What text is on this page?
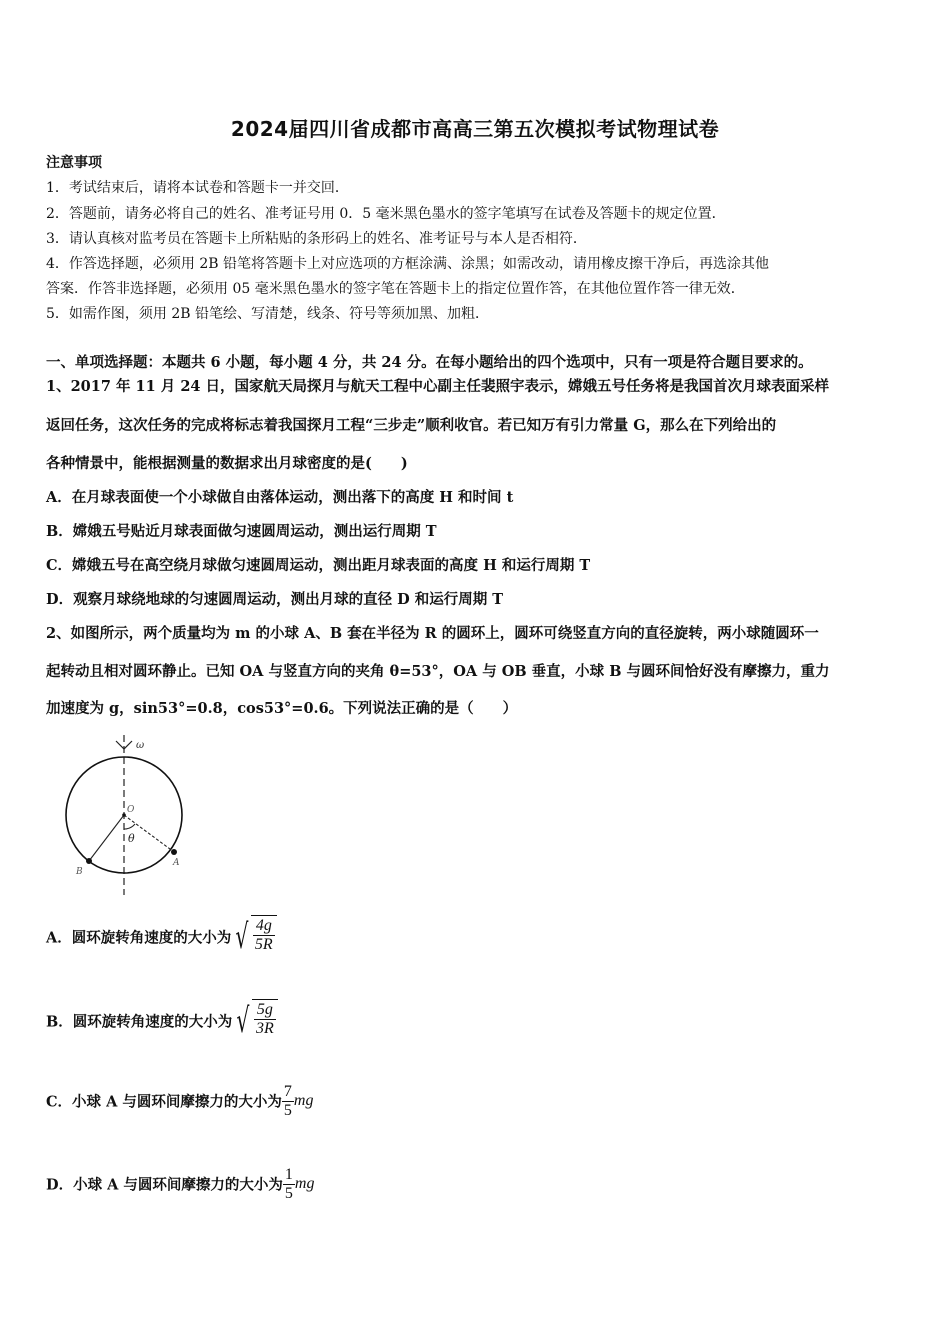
2024届四川省成都市高高三第五次模拟考试物理试卷
注意事项
1．考试结束后，请将本试卷和答题卡一并交回．
2．答题前，请务必将自己的姓名、准考证号用 0．5 毫米黑色墨水的签字笔填写在试卷及答题卡的规定位置．
3．请认真核对监考员在答题卡上所粘贴的条形码上的姓名、准考证号与本人是否相符．
4．作答选择题，必须用 2B 铅笔将答题卡上对应选项的方框涂满、涂黑；如需改动，请用橡皮擦干净后，再选涂其他
答案．作答非选择题，必须用 05 毫米黑色墨水的签字笔在答题卡上的指定位置作答，在其他位置作答一律无效．
5．如需作图，须用 2B 铅笔绘、写清楚，线条、符号等须加黑、加粗．
一、单项选择题：本题共 6 小题，每小题 4 分，共 24 分。在每小题给出的四个选项中，只有一项是符合题目要求的。
1、2017 年 11 月 24 日，国家航天局探月与航天工程中心副主任裴照宇表示，嫦娥五号任务将是我国首次月球表面采样
返回任务，这次任务的完成将标志着我国探月工程“三步走”顺利收官。若已知万有引力常量 G，那么在下列给出的
各种情景中，能根据测量的数据求出月球密度的是(　　)
A．在月球表面使一个小球做自由落体运动，测出落下的高度 H 和时间 t
B．嫦娥五号贴近月球表面做匀速圆周运动，测出运行周期 T
C．嫦娥五号在高空绕月球做匀速圆周运动，测出距月球表面的高度 H 和运行周期 T
D．观察月球绕地球的匀速圆周运动，测出月球的直径 D 和运行周期 T
2、如图所示，两个质量均为 m 的小球 A、B 套在半径为 R 的圆环上，圆环可绕竖直方向的直径旋转，两小球随圆环一
起转动且相对圆环静止。已知 OA 与竖直方向的夹角 θ=53°，OA 与 OB 垂直，小球 B 与圆环间恰好没有摩擦力，重力
加速度为 g，sin53°=0.8，cos53°=0.6。下列说法正确的是（　　）
ω
O
θ
A
B
A．圆环旋转角速度的大小为 √ $\frac{4g}{5R}$
B．圆环旋转角速度的大小为 √ $\frac{5g}{3R}$
C．小球 A 与圆环间摩擦力的大小为 $\frac{7}{5}$ mg
D．小球 A 与圆环间摩擦力的大小为 $\frac{1}{5}$ mg
